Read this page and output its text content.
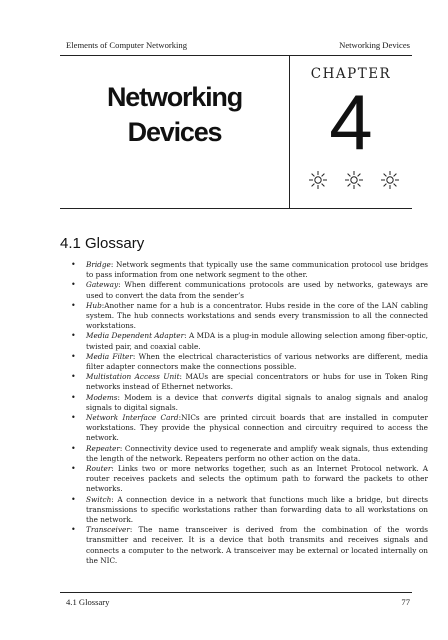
Elements of Computer Networking	Networking Devices
Networking
Devices
CHAPTER
4
4.1 Glossary
• Bridge: Network segments that typically use the same communication protocol use bridges to pass information from one network segment to the other.
• Gateway: When different communications protocols are used by networks, gateways are used to convert the data from the sender’s
• Hub:Another name for a hub is a concentrator. Hubs reside in the core of the LAN cabling system. The hub connects workstations and sends every transmission to all the connected workstations.
• Media Dependent Adapter: A MDA is a plug-in module allowing selection among fiber-optic, twisted pair, and coaxial cable.
• Media Filter: When the electrical characteristics of various networks are different, media filter adapter connectors make the connections possible.
• Multistation Access Unit: MAUs are special concentrators or hubs for use in Token Ring networks instead of Ethernet networks.
• Modems: Modem is a device that converts digital signals to analog signals and analog signals to digital signals.
• Network Interface Card:NICs are printed circuit boards that are installed in computer workstations. They provide the physical connection and circuitry required to access the network.
• Repeater: Connectivity device used to regenerate and amplify weak signals, thus extending the length of the network. Repeaters perform no other action on the data.
• Router: Links two or more networks together, such as an Internet Protocol network. A router receives packets and selects the optimum path to forward the packets to other networks.
• Switch: A connection device in a network that functions much like a bridge, but directs transmissions to specific workstations rather than forwarding data to all workstations on the network.
• Transceiver: The name transceiver is derived from the combination of the words transmitter and receiver. It is a device that both transmits and receives signals and connects a computer to the network. A transceiver may be external or located internally on the NIC.
4.1 Glossary	77
